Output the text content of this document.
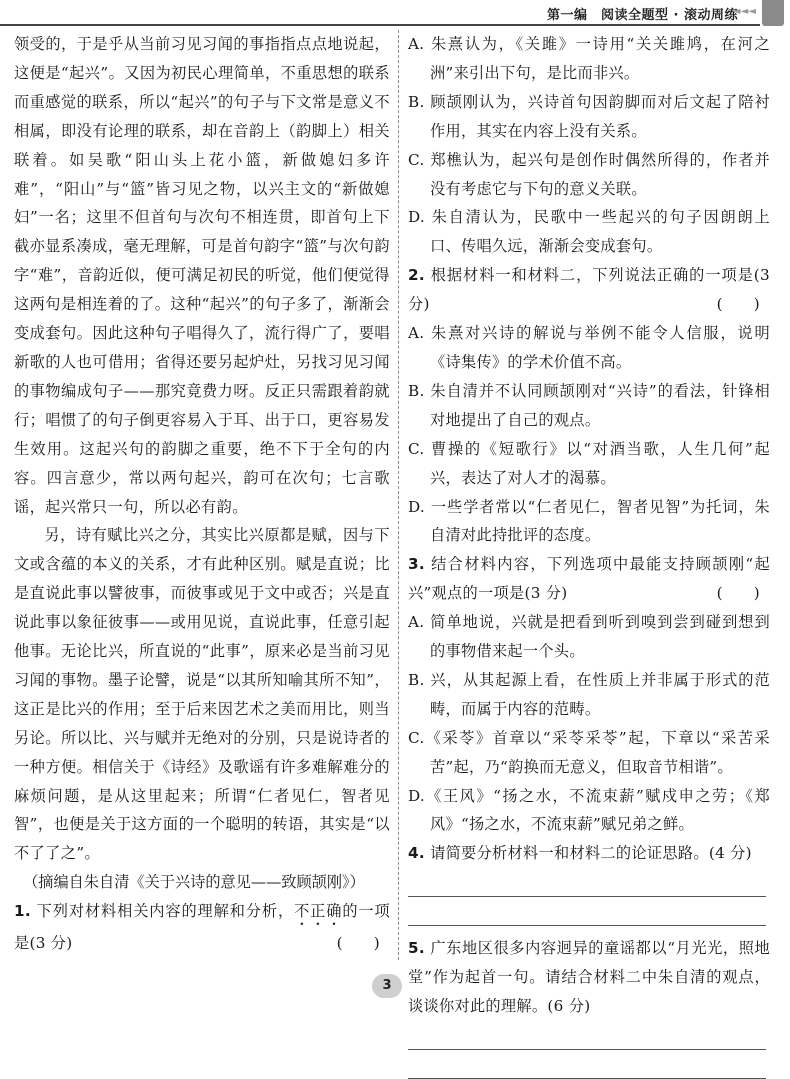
第一编　阅读全题型 · 滚动周练
◄◄◄

领受的，于是乎从当前习见习闻的事指指点点地说起，这便是“起兴”。又因为初民心理简单，不重思想的联系而重感觉的联系，所以“起兴”的句子与下文常是意义不相属，即没有论理的联系，却在音韵上（韵脚上）相关联着。如吴歌“阳山头上花小篮，新做媳妇多许难”，“阳山”与“篮”皆习见之物，以兴主文的“新做媳妇”一名；这里不但首句与次句不相连贯，即首句上下截亦显系凑成，毫无理解，可是首句韵字“篮”与次句韵字“难”，音韵近似，便可满足初民的听觉，他们便觉得这两句是相连着的了。这种“起兴”的句子多了，渐渐会变成套句。因此这种句子唱得久了，流行得广了，要唱新歌的人也可借用；省得还要另起炉灶，另找习见习闻的事物编成句子——那究竟费力呀。反正只需跟着韵就行；唱惯了的句子倒更容易入于耳、出于口，更容易发生效用。这起兴句的韵脚之重要，绝不下于全句的内容。四言意少，常以两句起兴，韵可在次句；七言歌谣，起兴常只一句，所以必有韵。

另，诗有赋比兴之分，其实比兴原都是赋，因与下文或含蕴的本义的关系，才有此种区别。赋是直说；比是直说此事以譬彼事，而彼事或见于文中或否；兴是直说此事以象征彼事——或用见说，直说此事，任意引起他事。无论比兴，所直说的“此事”，原来必是当前习见习闻的事物。墨子论譬，说是“以其所知喻其所不知”，这正是比兴的作用；至于后来因艺术之美而用比，则当另论。所以比、兴与赋并无绝对的分别，只是说诗者的一种方便。相信关于《诗经》及歌谣有许多难解难分的麻烦问题，是从这里起来；所谓“仁者见仁，智者见智”，也便是关于这方面的一个聪明的转语，其实是“以不了了之”。

（摘编自朱自清《关于兴诗的意见——致顾颉刚》）

1. 下列对材料相关内容的理解和分析，不正确的一项是(3 分)	(　　)

A. 朱熹认为，《关雎》一诗用“关关雎鸠，在河之洲”来引出下句，是比而非兴。

B. 顾颉刚认为，兴诗首句因韵脚而对后文起了陪衬作用，其实在内容上没有关系。

C. 郑樵认为，起兴句是创作时偶然所得的，作者并没有考虑它与下句的意义关联。

D. 朱自清认为，民歌中一些起兴的句子因朗朗上口、传唱久远，渐渐会变成套句。

2. 根据材料一和材料二，下列说法正确的一项是(3 分)	(　　)

A. 朱熹对兴诗的解说与举例不能令人信服，说明《诗集传》的学术价值不高。

B. 朱自清并不认同顾颉刚对“兴诗”的看法，针锋相对地提出了自己的观点。

C. 曹操的《短歌行》以“对酒当歌，人生几何”起兴，表达了对人才的渴慕。

D. 一些学者常以“仁者见仁，智者见智”为托词，朱自清对此持批评的态度。

3. 结合材料内容，下列选项中最能支持顾颉刚“起兴”观点的一项是(3 分)	(　　)

A. 简单地说，兴就是把看到听到嗅到尝到碰到想到的事物借来起一个头。

B. 兴，从其起源上看，在性质上并非属于形式的范畴，而属于内容的范畴。

C.《采苓》首章以“采苓采苓”起，下章以“采苦采苦”起，乃“韵换而无意义，但取音节相谐”。

D.《王风》“扬之水，不流束薪”赋戍申之劳；《郑风》“扬之水，不流束薪”赋兄弟之鲜。

4. 请简要分析材料一和材料二的论证思路。(4 分)

5. 广东地区很多内容迥异的童谣都以“月光光，照地堂”作为起首一句。请结合材料二中朱自清的观点，谈谈你对此的理解。(6 分)

3
